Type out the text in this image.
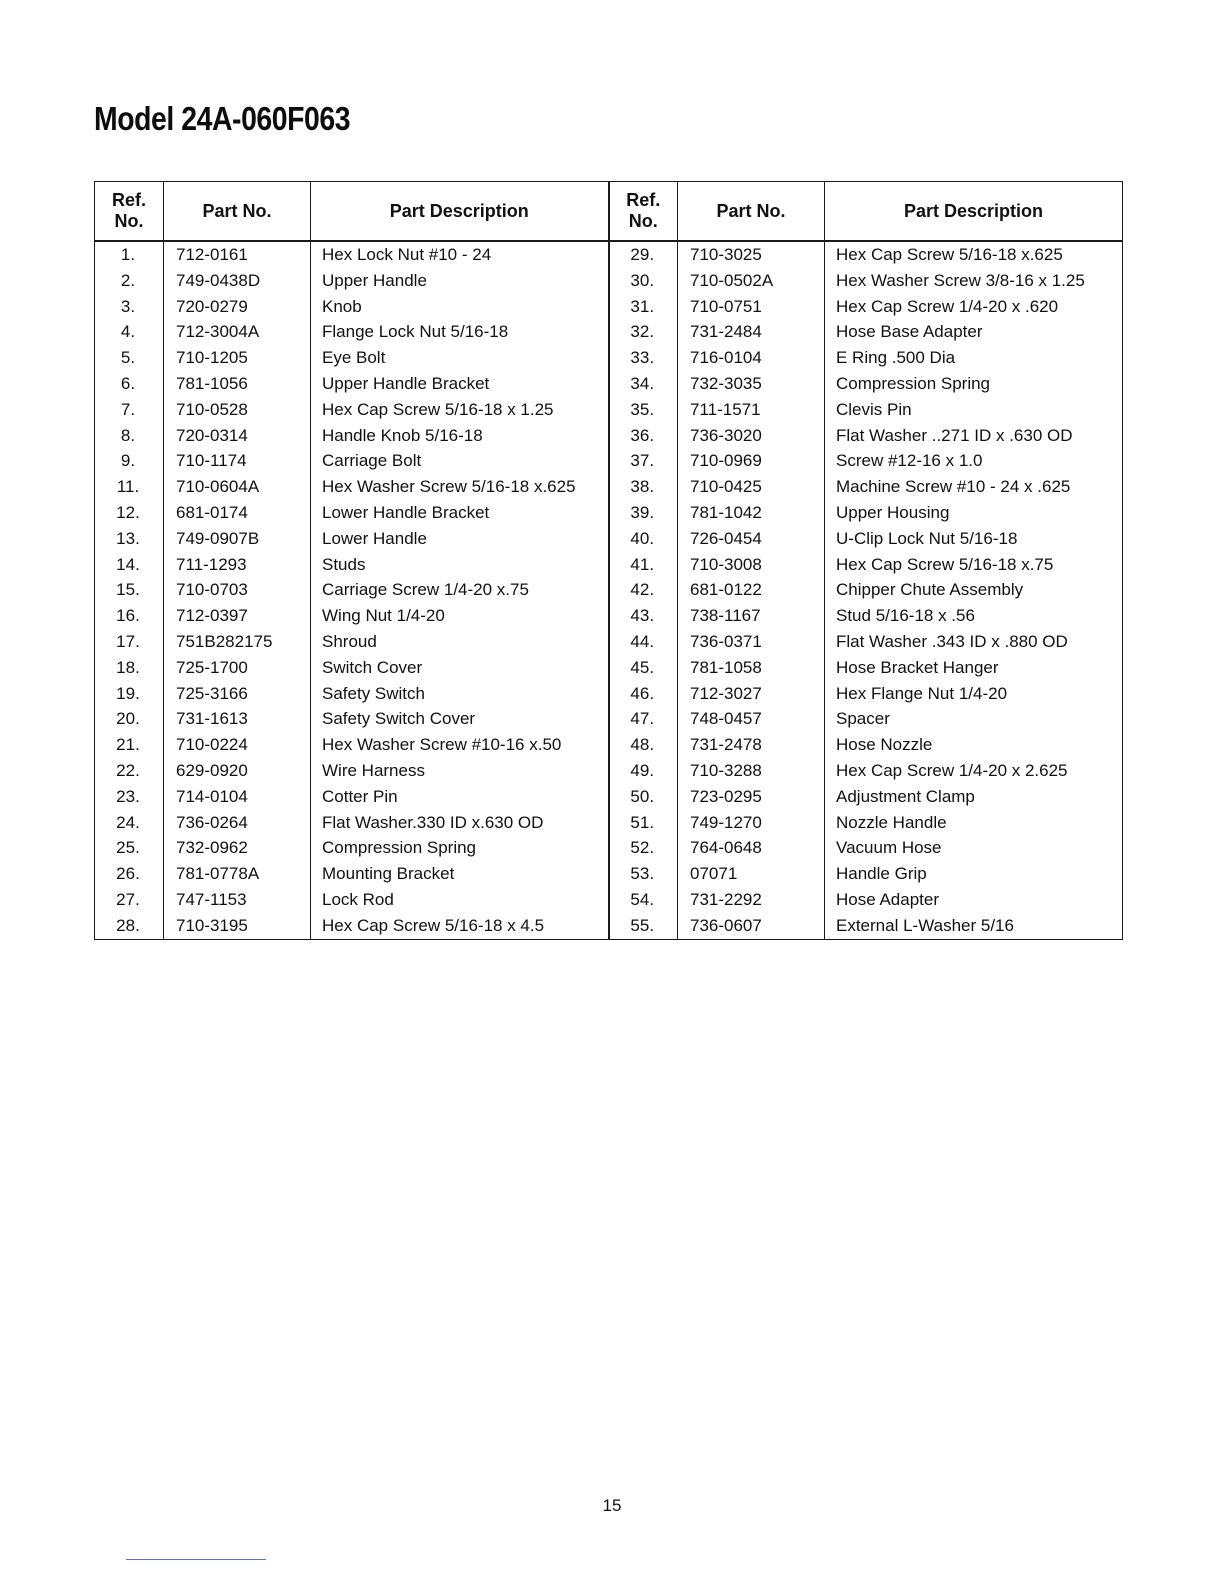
Model 24A-060F063
Ref.
No.	Part No.	Part Description	Ref.
No.	Part No.	Part Description
1.	712-0161	Hex Lock Nut #10 - 24	29.	710-3025	Hex Cap Screw 5/16-18 x.625
2.	749-0438D	Upper Handle	30.	710-0502A	Hex Washer Screw 3/8-16 x 1.25
3.	720-0279	Knob	31.	710-0751	Hex Cap Screw 1/4-20 x .620
4.	712-3004A	Flange Lock Nut 5/16-18	32.	731-2484	Hose Base Adapter
5.	710-1205	Eye Bolt	33.	716-0104	E Ring .500 Dia
6.	781-1056	Upper Handle Bracket	34.	732-3035	Compression Spring
7.	710-0528	Hex Cap Screw 5/16-18 x 1.25	35.	711-1571	Clevis Pin
8.	720-0314	Handle Knob 5/16-18	36.	736-3020	Flat Washer ..271 ID x .630 OD
9.	710-1174	Carriage Bolt	37.	710-0969	Screw #12-16 x 1.0
11.	710-0604A	Hex Washer Screw 5/16-18 x.625	38.	710-0425	Machine Screw #10 - 24 x .625
12.	681-0174	Lower Handle Bracket	39.	781-1042	Upper Housing
13.	749-0907B	Lower Handle	40.	726-0454	U-Clip Lock Nut 5/16-18
14.	711-1293	Studs	41.	710-3008	Hex Cap Screw 5/16-18 x.75
15.	710-0703	Carriage Screw 1/4-20 x.75	42.	681-0122	Chipper Chute Assembly
16.	712-0397	Wing Nut 1/4-20	43.	738-1167	Stud 5/16-18 x .56
17.	751B282175	Shroud	44.	736-0371	Flat Washer .343 ID x .880 OD
18.	725-1700	Switch Cover	45.	781-1058	Hose Bracket Hanger
19.	725-3166	Safety Switch	46.	712-3027	Hex Flange Nut 1/4-20
20.	731-1613	Safety Switch Cover	47.	748-0457	Spacer
21.	710-0224	Hex Washer Screw #10-16 x.50	48.	731-2478	Hose Nozzle
22.	629-0920	Wire Harness	49.	710-3288	Hex Cap Screw 1/4-20 x 2.625
23.	714-0104	Cotter Pin	50.	723-0295	Adjustment Clamp
24.	736-0264	Flat Washer.330 ID x.630 OD	51.	749-1270	Nozzle Handle
25.	732-0962	Compression Spring	52.	764-0648	Vacuum Hose
26.	781-0778A	Mounting Bracket	53.	07071	Handle Grip
27.	747-1153	Lock Rod	54.	731-2292	Hose Adapter
28.	710-3195	Hex Cap Screw 5/16-18 x 4.5	55.	736-0607	External L-Washer 5/16
15
